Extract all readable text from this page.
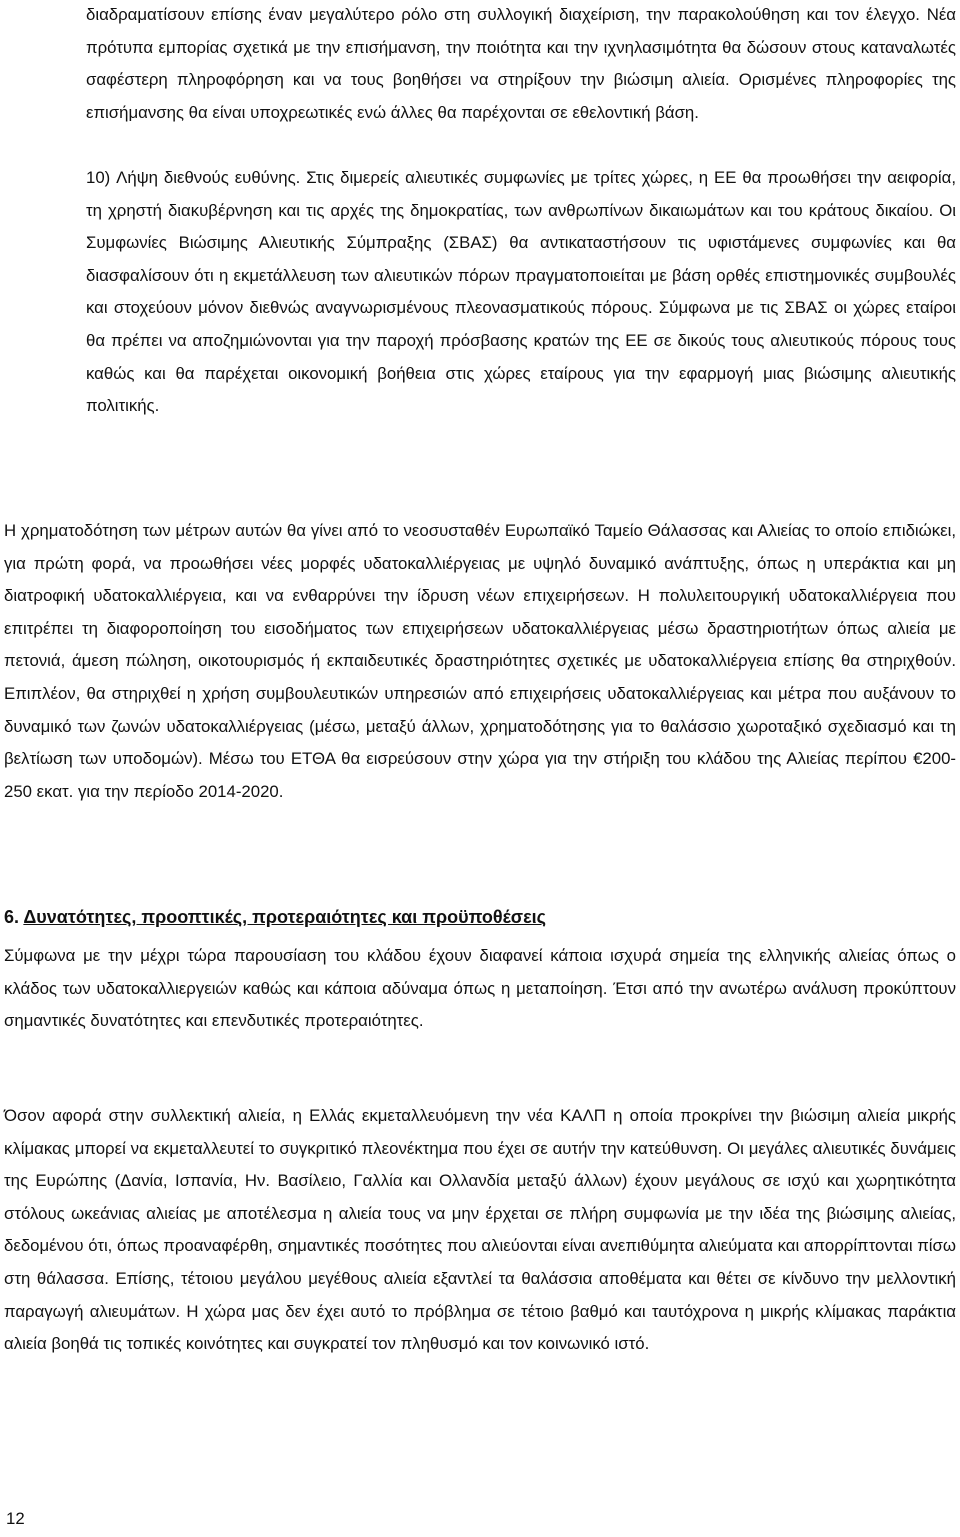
διαδραματίσουν επίσης έναν μεγαλύτερο ρόλο στη συλλογική διαχείριση, την παρακολούθηση και τον έλεγχο. Νέα πρότυπα εμπορίας σχετικά με την επισήμανση, την ποιότητα και την ιχνηλασιμότητα θα δώσουν στους καταναλωτές σαφέστερη πληροφόρηση και να τους βοηθήσει να στηρίξουν την βιώσιμη αλιεία. Ορισμένες πληροφορίες της επισήμανσης θα είναι υποχρεωτικές ενώ άλλες θα παρέχονται σε εθελοντική βάση.

10) Λήψη διεθνούς ευθύνης. Στις διμερείς αλιευτικές συμφωνίες με τρίτες χώρες, η ΕΕ θα προωθήσει την αειφορία, τη χρηστή διακυβέρνηση και τις αρχές της δημοκρατίας, των ανθρωπίνων δικαιωμάτων και του κράτους δικαίου. Οι Συμφωνίες Βιώσιμης Αλιευτικής Σύμπραξης (ΣΒΑΣ) θα αντικαταστήσουν τις υφιστάμενες συμφωνίες και θα διασφαλίσουν ότι η εκμετάλλευση των αλιευτικών πόρων πραγματοποιείται με βάση ορθές επιστημονικές συμβουλές και στοχεύουν μόνον διεθνώς αναγνωρισμένους πλεονασματικούς πόρους. Σύμφωνα με τις ΣΒΑΣ οι χώρες εταίροι θα πρέπει να αποζημιώνονται για την παροχή πρόσβασης κρατών της ΕΕ σε δικούς τους αλιευτικούς πόρους τους καθώς και θα παρέχεται οικονομική βοήθεια στις χώρες εταίρους για την εφαρμογή μιας βιώσιμης αλιευτικής πολιτικής.

Η χρηματοδότηση των μέτρων αυτών θα γίνει από το νεοσυσταθέν Ευρωπαϊκό Ταμείο Θάλασσας και Αλιείας το οποίο επιδιώκει, για πρώτη φορά, να προωθήσει νέες μορφές υδατοκαλλιέργειας με υψηλό δυναμικό ανάπτυξης, όπως η υπεράκτια και μη διατροφική υδατοκαλλιέργεια, και να ενθαρρύνει την ίδρυση νέων επιχειρήσεων. Η πολυλειτουργική υδατοκαλλιέργεια που επιτρέπει τη διαφοροποίηση του εισοδήματος των επιχειρήσεων υδατοκαλλιέργειας μέσω δραστηριοτήτων όπως αλιεία με πετονιά, άμεση πώληση, οικοτουρισμός ή εκπαιδευτικές δραστηριότητες σχετικές με υδατοκαλλιέργεια επίσης θα στηριχθούν. Επιπλέον, θα στηριχθεί η χρήση συμβουλευτικών υπηρεσιών από επιχειρήσεις υδατοκαλλιέργειας και μέτρα που αυξάνουν το δυναμικό των ζωνών υδατοκαλλιέργειας (μέσω, μεταξύ άλλων, χρηματοδότησης για το θαλάσσιο χωροταξικό σχεδιασμό και τη βελτίωση των υποδομών). Μέσω του ΕΤΘΑ θα εισρεύσουν στην χώρα για την στήριξη του κλάδου της Αλιείας περίπου €200-250 εκατ. για την περίοδο 2014-2020.

6. Δυνατότητες, προοπτικές, προτεραιότητες και προϋποθέσεις

Σύμφωνα με την μέχρι τώρα παρουσίαση του κλάδου έχουν διαφανεί κάποια ισχυρά σημεία της ελληνικής αλιείας όπως ο κλάδος των υδατοκαλλιεργειών καθώς και κάποια αδύναμα όπως η μεταποίηση. Έτσι από την ανωτέρω ανάλυση προκύπτουν σημαντικές δυνατότητες και επενδυτικές προτεραιότητες.

Όσον αφορά στην συλλεκτική αλιεία, η Ελλάς εκμεταλλευόμενη την νέα ΚΑΛΠ η οποία προκρίνει την βιώσιμη αλιεία μικρής κλίμακας μπορεί να εκμεταλλευτεί το συγκριτικό πλεονέκτημα που έχει σε αυτήν την κατεύθυνση. Οι μεγάλες αλιευτικές δυνάμεις της Ευρώπης (Δανία, Ισπανία, Ην. Βασίλειο, Γαλλία και Ολλανδία μεταξύ άλλων) έχουν μεγάλους σε ισχύ και χωρητικότητα στόλους ωκεάνιας αλιείας με αποτέλεσμα η αλιεία τους να μην έρχεται σε πλήρη συμφωνία με την ιδέα της βιώσιμης αλιείας, δεδομένου ότι, όπως προαναφέρθη, σημαντικές ποσότητες που αλιεύονται είναι ανεπιθύμητα αλιεύματα και απορρίπτονται πίσω στη θάλασσα. Επίσης, τέτοιου μεγάλου μεγέθους αλιεία εξαντλεί τα θαλάσσια αποθέματα και θέτει σε κίνδυνο την μελλοντική παραγωγή αλιευμάτων. Η χώρα μας δεν έχει αυτό το πρόβλημα σε τέτοιο βαθμό και ταυτόχρονα η μικρής κλίμακας παράκτια αλιεία βοηθά τις τοπικές κοινότητες και συγκρατεί τον πληθυσμό και τον κοινωνικό ιστό.

12
